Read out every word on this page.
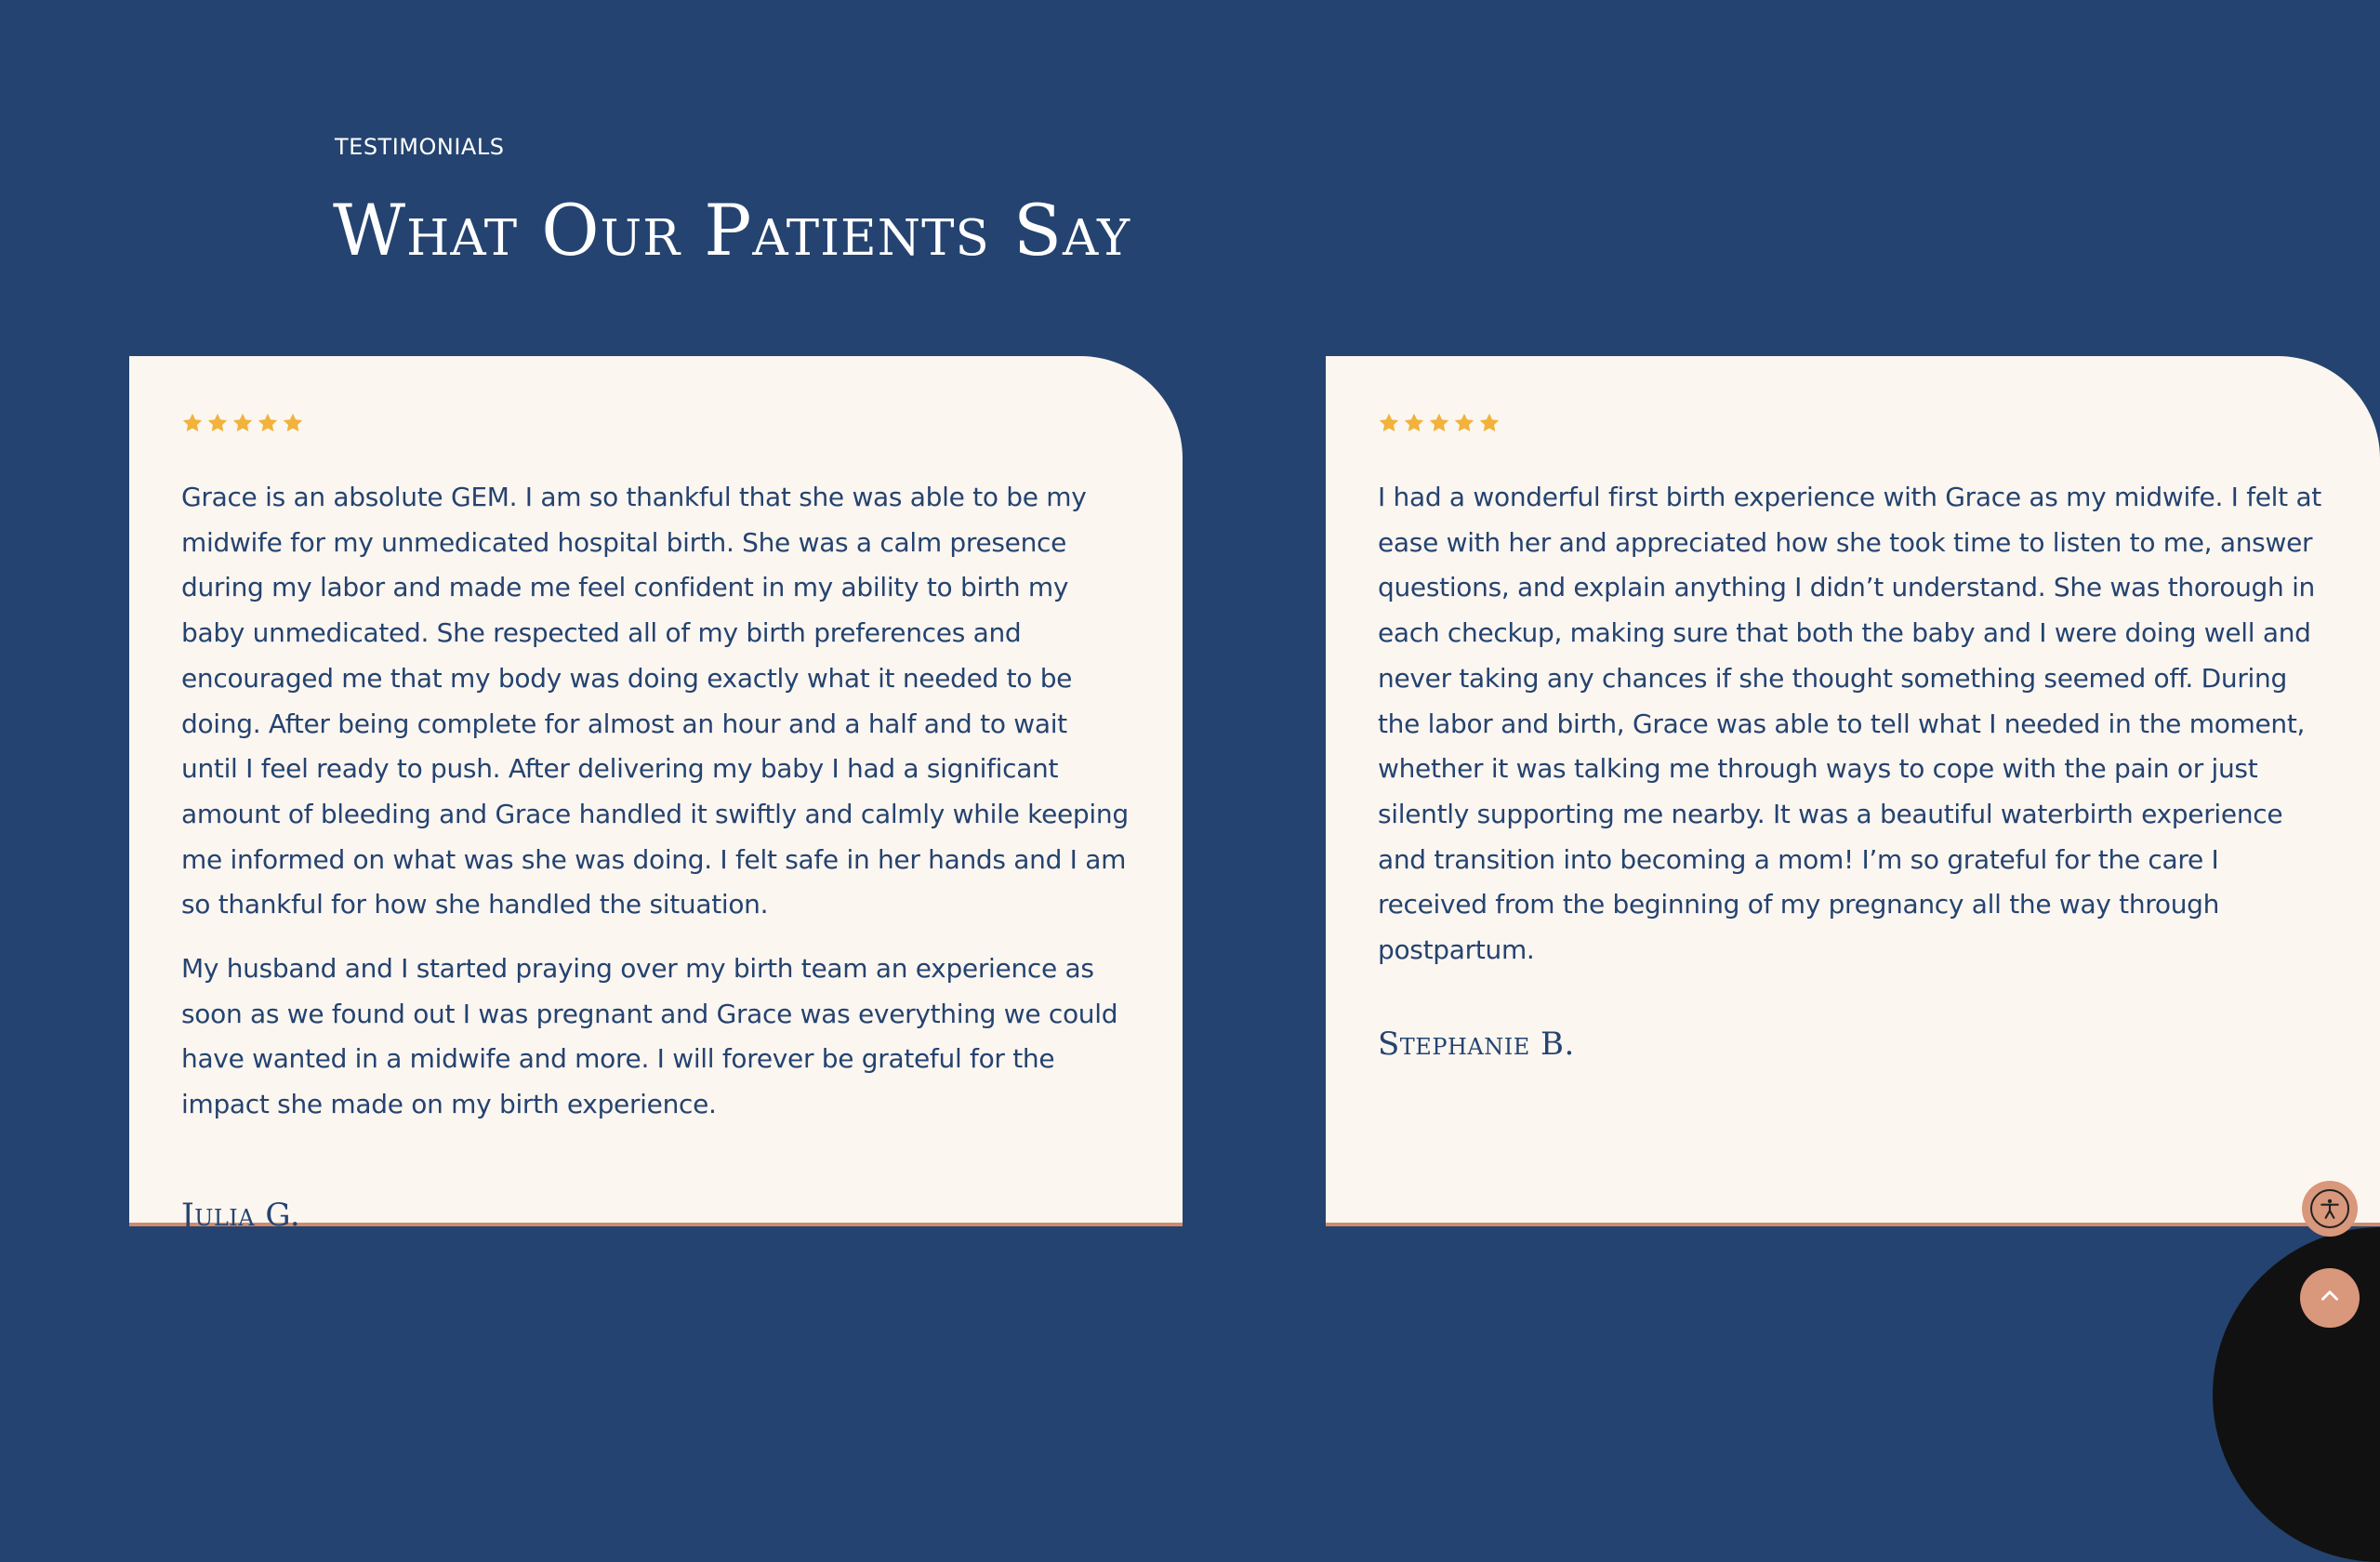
TESTIMONIALS
What Our Patients Say

Grace is an absolute GEM. I am so thankful that she was able to be my midwife for my unmedicated hospital birth. She was a calm presence during my labor and made me feel confident in my ability to birth my baby unmedicated. She respected all of my birth preferences and encouraged me that my body was doing exactly what it needed to be doing. After being complete for almost an hour and a half and to wait until I feel ready to push. After delivering my baby I had a significant amount of bleeding and Grace handled it swiftly and calmly while keeping me informed on what was she was doing. I felt safe in her hands and I am so thankful for how she handled the situation.

My husband and I started praying over my birth team an experience as soon as we found out I was pregnant and Grace was everything we could have wanted in a midwife and more. I will forever be grateful for the impact she made on my birth experience.

Julia G.

I had a wonderful first birth experience with Grace as my midwife. I felt at ease with her and appreciated how she took time to listen to me, answer questions, and explain anything I didn’t understand. She was thorough in each checkup, making sure that both the baby and I were doing well and never taking any chances if she thought something seemed off. During the labor and birth, Grace was able to tell what I needed in the moment, whether it was talking me through ways to cope with the pain or just silently supporting me nearby. It was a beautiful waterbirth experience and transition into becoming a mom! I’m so grateful for the care I received from the beginning of my pregnancy all the way through postpartum.

Stephanie B.
